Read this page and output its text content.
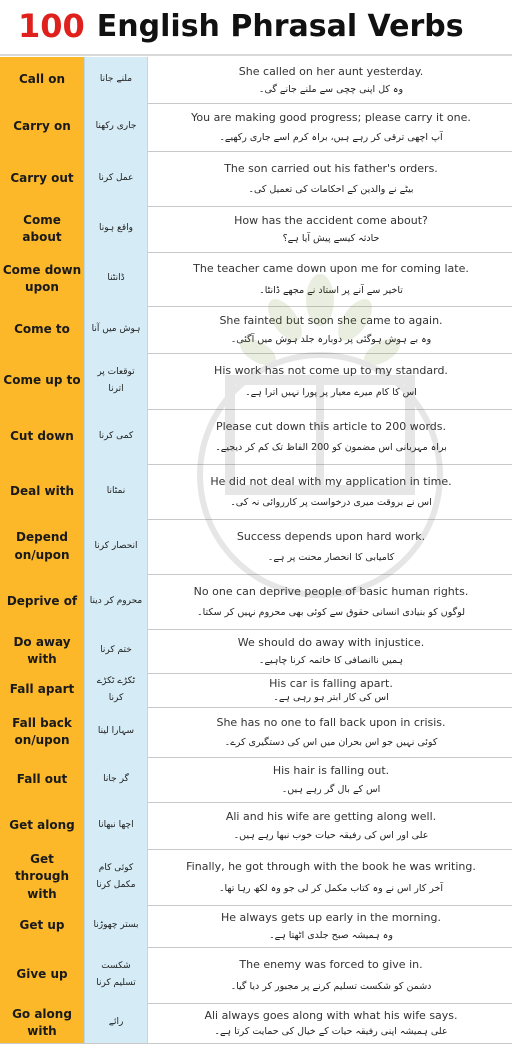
100 English Phrasal Verbs
Call on	ملنے جانا
She called on her aunt yesterday.
وہ کل اپنی چچی سے ملنے جانے گی۔
Carry on	جاری رکھنا
You are making good progress; please carry it one.
آپ اچھی ترقی کر رہے ہیں، براہ کرم اسے جاری رکھیے۔
Carry out	عمل کرنا
The son carried out his father's orders.
بیٹے نے والدین کے احکامات کی تعمیل کی۔
Come about
واقع ہونا
How has the accident come about?
حادثہ کیسے پیش آیا ہے؟
Come down upon
ڈانٹنا
The teacher came down upon me for coming late.
تاخیر سے آنے پر استاد نے مجھے ڈانٹا۔
Come to	ہوش میں آنا
She fainted but soon she came to again.
وہ بے ہوش ہوگئی پر دوبارہ جلد ہوش میں آگئی۔
Come up to
توقعات پر اترنا
His work has not come up to my standard.
اس کا کام میرے معیار پر پورا نہیں اترا ہے۔
Cut down	کمی کرنا
Please cut down this article to 200 words.
براہ مہربانی اس مضمون کو 200 الفاظ تک کم کر دیجیے۔
Deal with	نمٹانا
He did not deal with my application in time.
اس نے بروقت میری درخواست پر کارروائی نہ کی۔
Depend on/upon
انحصار کرنا
Success depends upon hard work.
کامیابی کا انحصار محنت پر ہے۔
Deprive of	محروم کر دینا
No one can deprive people of basic human rights.
لوگوں کو بنیادی انسانی حقوق سے کوئی بھی محروم نہیں کر سکتا۔
Do away with
ختم کرنا
We should do away with injustice.
ہمیں ناانصافی کا خاتمہ کرنا چاہیے۔
Fall apart
ٹکڑے ٹکڑے کرنا
His car is falling apart.
اس کی کار ابتر ہو رہی ہے۔
Fall back on/upon
سہارا لینا
She has no one to fall back upon in crisis.
کوئی نہیں جو اس بحران میں اس کی دستگیری کرے۔
Fall out	گر جانا
His hair is falling out.
اس کے بال گر رہے ہیں۔
Get along	اچھا نبھانا
Ali and his wife are getting along well.
علی اور اس کی رفیقہ حیات خوب نبھا رہے ہیں۔
Get through with
کوئی کام مکمل کرنا
Finally, he got through with the book he was writing.
آخر کار اس نے وہ کتاب مکمل کر لی جو وہ لکھ رہا تھا۔
Get up	بستر چھوڑنا
He always gets up early in the morning.
وہ ہمیشہ صبح جلدی اٹھتا ہے۔
Give up
شکست تسلیم کرنا
The enemy was forced to give in.
دشمن کو شکست تسلیم کرنے پر مجبور کر دیا گیا۔
Go along with
رائے
Ali always goes along with what his wife says.
علی ہمیشہ اپنی رفیقہ حیات کے خیال کی حمایت کرتا ہے۔
